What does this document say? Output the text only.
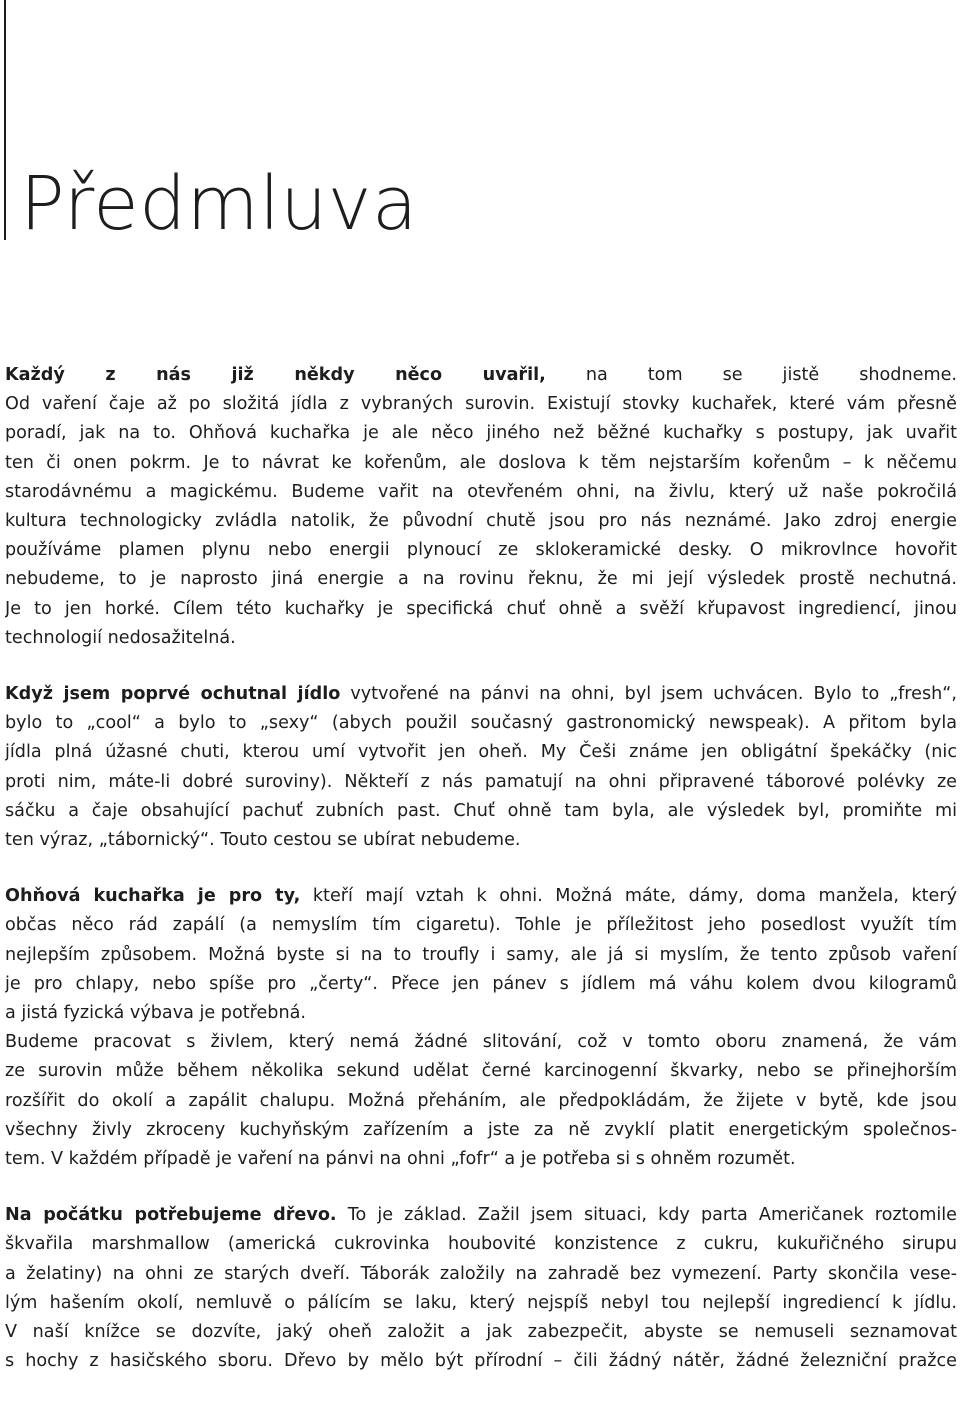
Předmluva

Každý z nás již někdy něco uvařil, na tom se jistě shodneme.
Od vaření čaje až po složitá jídla z vybraných surovin. Existují stovky kuchařek, které vám přesně
poradí, jak na to. Ohňová kuchařka je ale něco jiného než běžné kuchařky s postupy, jak uvařit
ten či onen pokrm. Je to návrat ke kořenům, ale doslova k těm nejstarším kořenům – k něčemu
starodávnému a magickému. Budeme vařit na otevřeném ohni, na živlu, který už naše pokročilá
kultura technologicky zvládla natolik, že původní chutě jsou pro nás neznámé. Jako zdroj energie
používáme plamen plynu nebo energii plynoucí ze sklokeramické desky. O mikrovlnce hovořit
nebudeme, to je naprosto jiná energie a na rovinu řeknu, že mi její výsledek prostě nechutná.
Je to jen horké. Cílem této kuchařky je specifická chuť ohně a svěží křupavost ingrediencí, jinou
technologií nedosažitelná.

Když jsem poprvé ochutnal jídlo vytvořené na pánvi na ohni, byl jsem uchvácen. Bylo to „fresh“,
bylo to „cool“ a bylo to „sexy“ (abych použil současný gastronomický newspeak). A přitom byla
jídla plná úžasné chuti, kterou umí vytvořit jen oheň. My Češi známe jen obligátní špekáčky (nic
proti nim, máte-li dobré suroviny). Někteří z nás pamatují na ohni připravené táborové polévky ze
sáčku a čaje obsahující pachuť zubních past. Chuť ohně tam byla, ale výsledek byl, promiňte mi
ten výraz, „tábornický“. Touto cestou se ubírat nebudeme.

Ohňová kuchařka je pro ty, kteří mají vztah k ohni. Možná máte, dámy, doma manžela, který
občas něco rád zapálí (a nemyslím tím cigaretu). Tohle je příležitost jeho posedlost využít tím
nejlepším způsobem. Možná byste si na to troufly i samy, ale já si myslím, že tento způsob vaření
je pro chlapy, nebo spíše pro „čerty“. Přece jen pánev s jídlem má váhu kolem dvou kilogramů
a jistá fyzická výbava je potřebná.

Budeme pracovat s živlem, který nemá žádné slitování, což v tomto oboru znamená, že vám
ze surovin může během několika sekund udělat černé karcinogenní škvarky, nebo se přinejhorším
rozšířit do okolí a zapálit chalupu. Možná přeháním, ale předpokládám, že žijete v bytě, kde jsou
všechny živly zkroceny kuchyňským zařízením a jste za ně zvyklí platit energetickým společnos-
tem. V každém případě je vaření na pánvi na ohni „fofr“ a je potřeba si s ohněm rozumět.

Na počátku potřebujeme dřevo. To je základ. Zažil jsem situaci, kdy parta Američanek roztomile
škvařila marshmallow (americká cukrovinka houbovité konzistence z cukru, kukuřičného sirupu
a želatiny) na ohni ze starých dveří. Táborák založily na zahradě bez vymezení. Party skončila vese-
lým hašením okolí, nemluvě o pálícím se laku, který nejspíš nebyl tou nejlepší ingrediencí k jídlu.
V naší knížce se dozvíte, jaký oheň založit a jak zabezpečit, abyste se nemuseli seznamovat
s hochy z hasičského sboru. Dřevo by mělo být přírodní – čili žádný nátěr, žádné železniční pražce
